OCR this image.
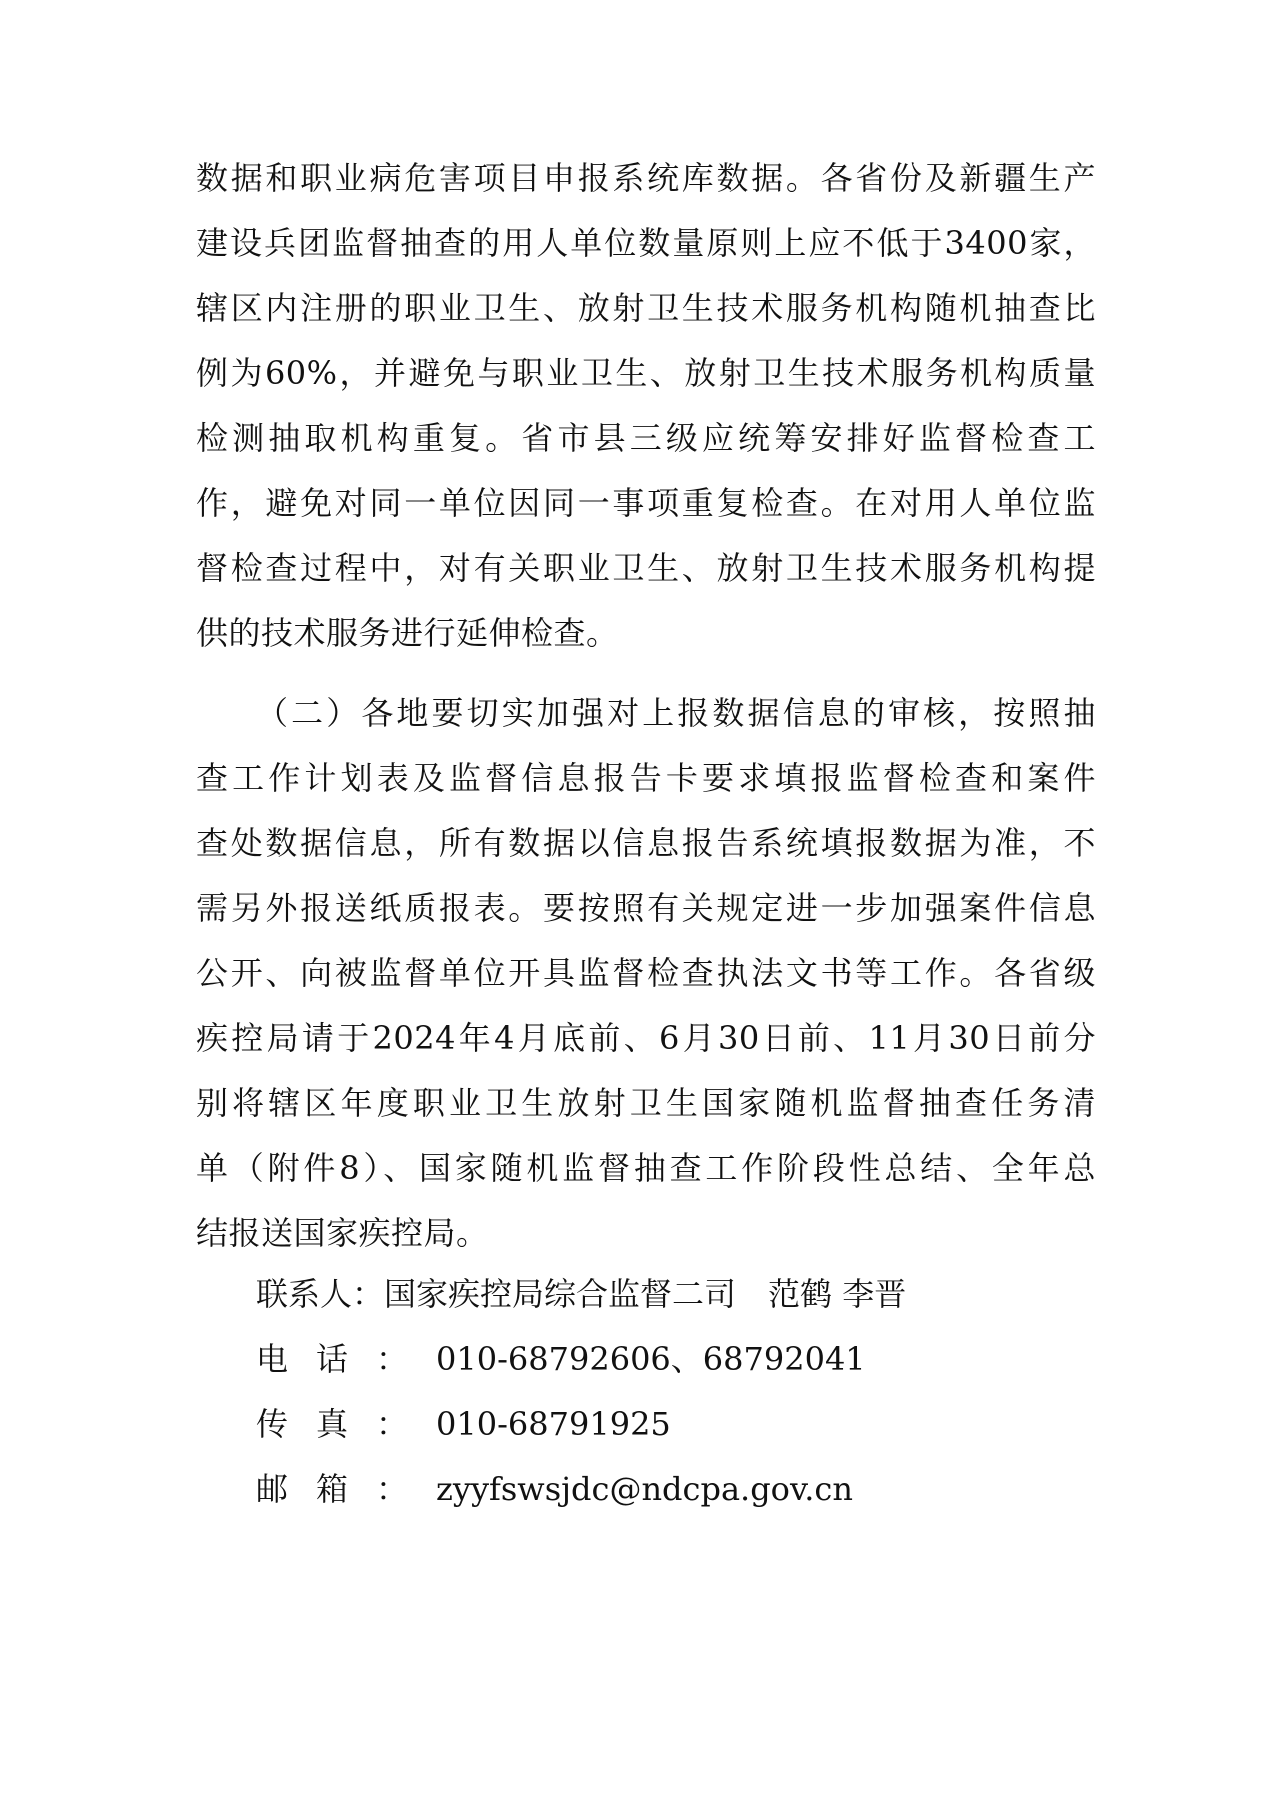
数据和职业病危害项目申报系统库数据。各省份及新疆生产
建设兵团监督抽查的用人单位数量原则上应不低于3400家，
辖区内注册的职业卫生、放射卫生技术服务机构随机抽查比
例为60%，并避免与职业卫生、放射卫生技术服务机构质量
检测抽取机构重复。省市县三级应统筹安排好监督检查工
作，避免对同一单位因同一事项重复检查。在对用人单位监
督检查过程中，对有关职业卫生、放射卫生技术服务机构提
供的技术服务进行延伸检查。
（二）各地要切实加强对上报数据信息的审核，按照抽
查工作计划表及监督信息报告卡要求填报监督检查和案件
查处数据信息，所有数据以信息报告系统填报数据为准，不
需另外报送纸质报表。要按照有关规定进一步加强案件信息
公开、向被监督单位开具监督检查执法文书等工作。各省级
疾控局请于2024年4月底前、6月30日前、11月30日前分
别将辖区年度职业卫生放射卫生国家随机监督抽查任务清
单（附件8）、国家随机监督抽查工作阶段性总结、全年总
结报送国家疾控局。
联系人：国家疾控局综合监督二司　范鹤 李晋
电话：010-68792606、68792041
传真：010-68791925
邮箱：zyyfswsjdc@ndcpa.gov.cn
